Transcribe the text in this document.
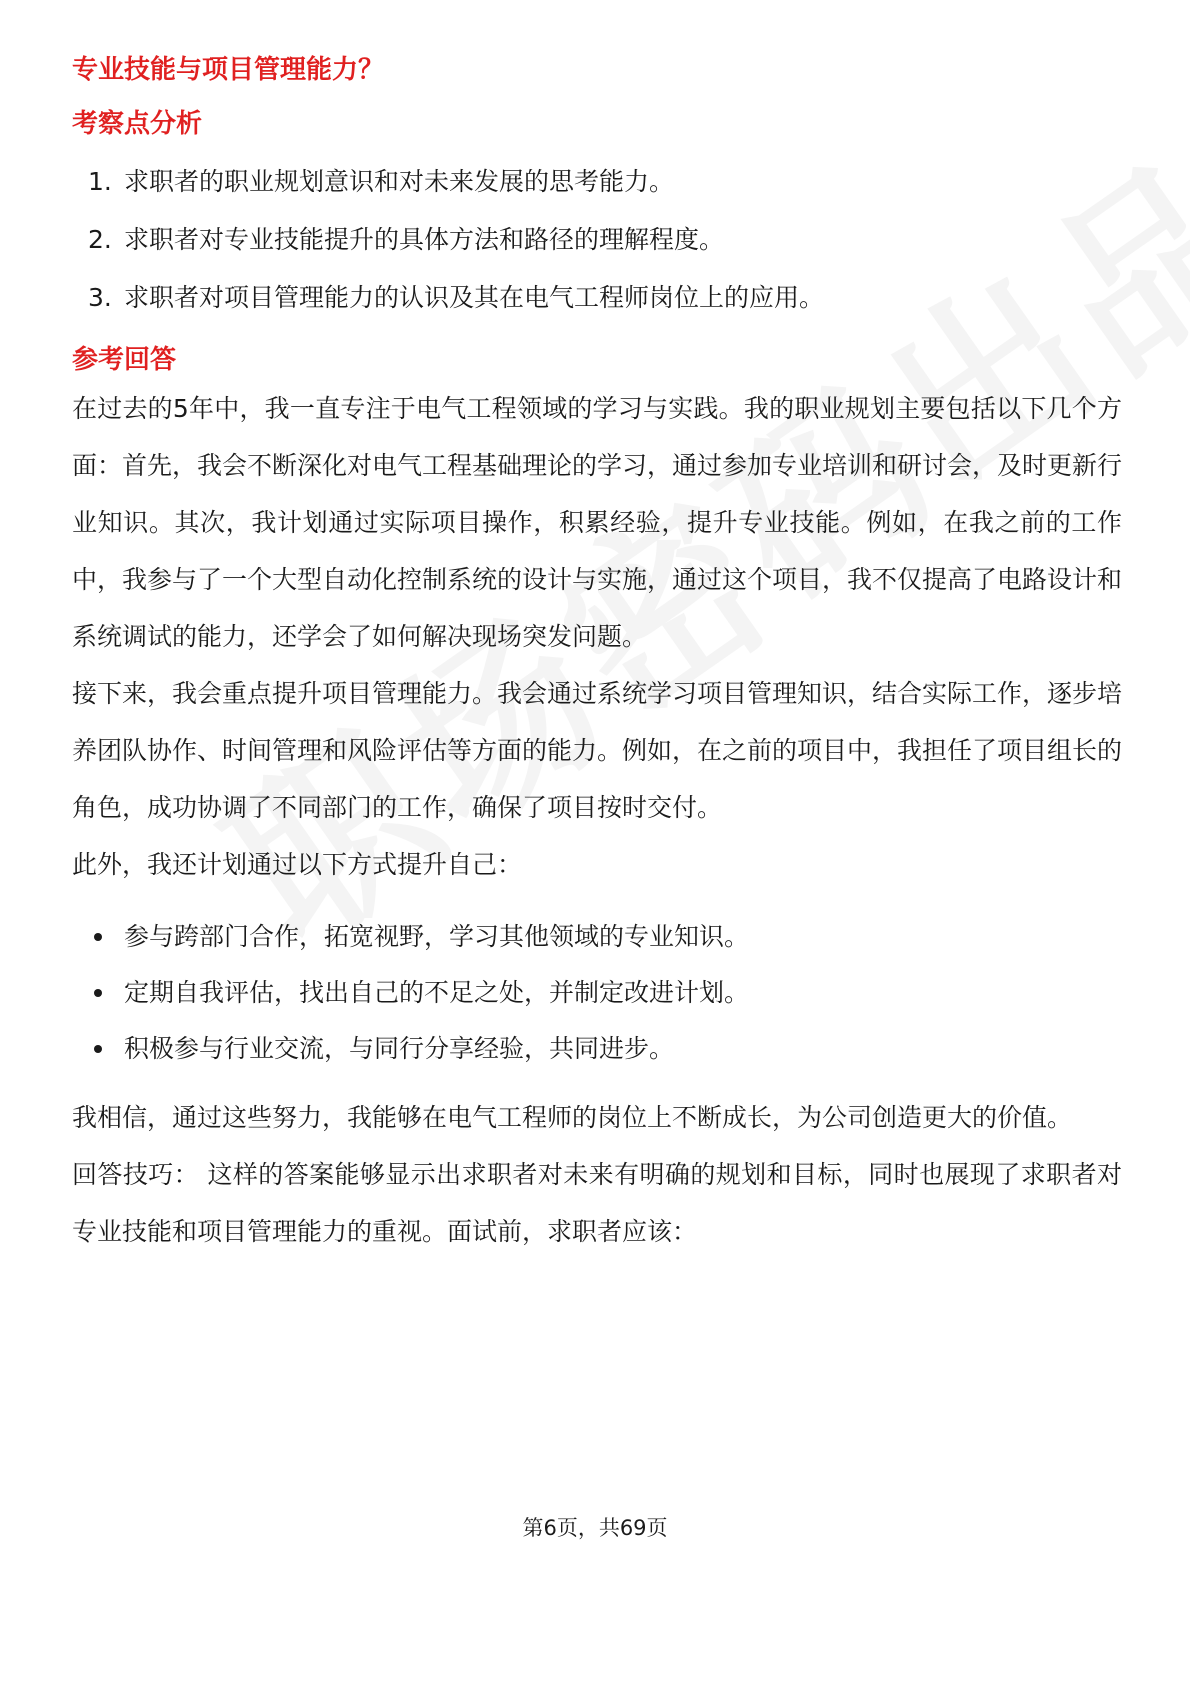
专业技能与项目管理能力？
考察点分析
1. 求职者的职业规划意识和对未来发展的思考能力。
2. 求职者对专业技能提升的具体方法和路径的理解程度。
3. 求职者对项目管理能力的认识及其在电气工程师岗位上的应用。
参考回答

在过去的5年中，我一直专注于电气工程领域的学习与实践。我的职业规划主要包括以下几个方面：首先，我会不断深化对电气工程基础理论的学习，通过参加专业培训和研讨会，及时更新行业知识。其次，我计划通过实际项目操作，积累经验，提升专业技能。例如，在我之前的工作中，我参与了一个大型自动化控制系统的设计与实施，通过这个项目，我不仅提高了电路设计和系统调试的能力，还学会了如何解决现场突发问题。

接下来，我会重点提升项目管理能力。我会通过系统学习项目管理知识，结合实际工作，逐步培养团队协作、时间管理和风险评估等方面的能力。例如，在之前的项目中，我担任了项目组长的角色，成功协调了不同部门的工作，确保了项目按时交付。

此外，我还计划通过以下方式提升自己：

参与跨部门合作，拓宽视野，学习其他领域的专业知识。
定期自我评估，找出自己的不足之处，并制定改进计划。
积极参与行业交流，与同行分享经验，共同进步。

我相信，通过这些努力，我能够在电气工程师的岗位上不断成长，为公司创造更大的价值。

回答技巧： 这样的答案能够显示出求职者对未来有明确的规划和目标，同时也展现了求职者对专业技能和项目管理能力的重视。面试前，求职者应该：

第6页，共69页
